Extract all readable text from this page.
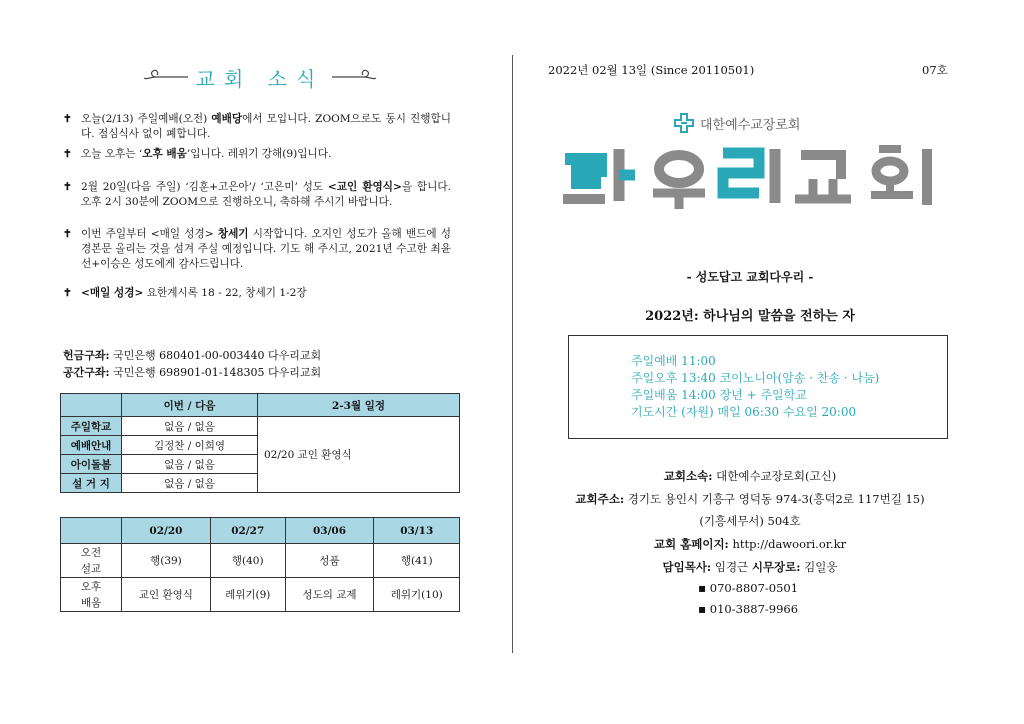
교회 소식
✝ 오늘(2/13) 주일예배(오전) 예배당에서 모입니다. ZOOM으로도 동시 진행합니다. 점심식사 없이 폐합니다.
✝ 오늘 오후는 ‘오후 배움’입니다. 레위기 강해(9)입니다.
✝ 2월 20일(다음 주일) ‘김훈+고은아’/ ‘고은미’ 성도 <교인 환영식>을 합니다. 오후 2시 30분에 ZOOM으로 진행하오니, 축하해 주시기 바랍니다.
✝ 이번 주일부터 <매일 성경> 창세기 시작합니다. 오지인 성도가 올해 밴드에 성경본문 올리는 것을 섬겨 주실 예정입니다. 기도 해 주시고, 2021년 수고한 최윤선+이승은 성도에게 감사드립니다.
✝ <매일 성경> 요한계시록 18 - 22, 창세기 1-2장
헌금구좌: 국민은행 680401-00-003440 다우리교회
공간구좌: 국민은행 698901-01-148305 다우리교회
	이번 / 다음	2-3월 일정
주일학교	없음 / 없음	02/20 교인 환영식
예배안내	김정찬 / 이희영	
아이돌봄	없음 / 없음	
설 거 지	없음 / 없음	
	02/20	02/27	03/06	03/13
오전
설교	행(39)	행(40)	성품	행(41)
오후
배움	교인 환영식	레위기(9)	성도의 교제	레위기(10)
2022년 02월 13일 (Since 20110501)	07호
대한예수교장로회
- 성도답고 교회다우리 -
2022년: 하나님의 말씀을 전하는 자
주일예배 11:00
주일오후 13:40 코이노니아(암송 · 찬송 · 나눔)
주일배움 14:00 장년 + 주일학교
기도시간 (자원) 매일 06:30 수요일 20:00
교회소속: 대한예수교장로회(고신)
교회주소: 경기도 용인시 기흥구 영덕동 974-3(흥덕2로 117번길 15)
(기흥세무서) 504호
교회 홈페이지: http://dawoori.or.kr
담임목사: 임경근 시무장로: 김일웅
▪ 070-8807-0501
▪ 010-3887-9966
